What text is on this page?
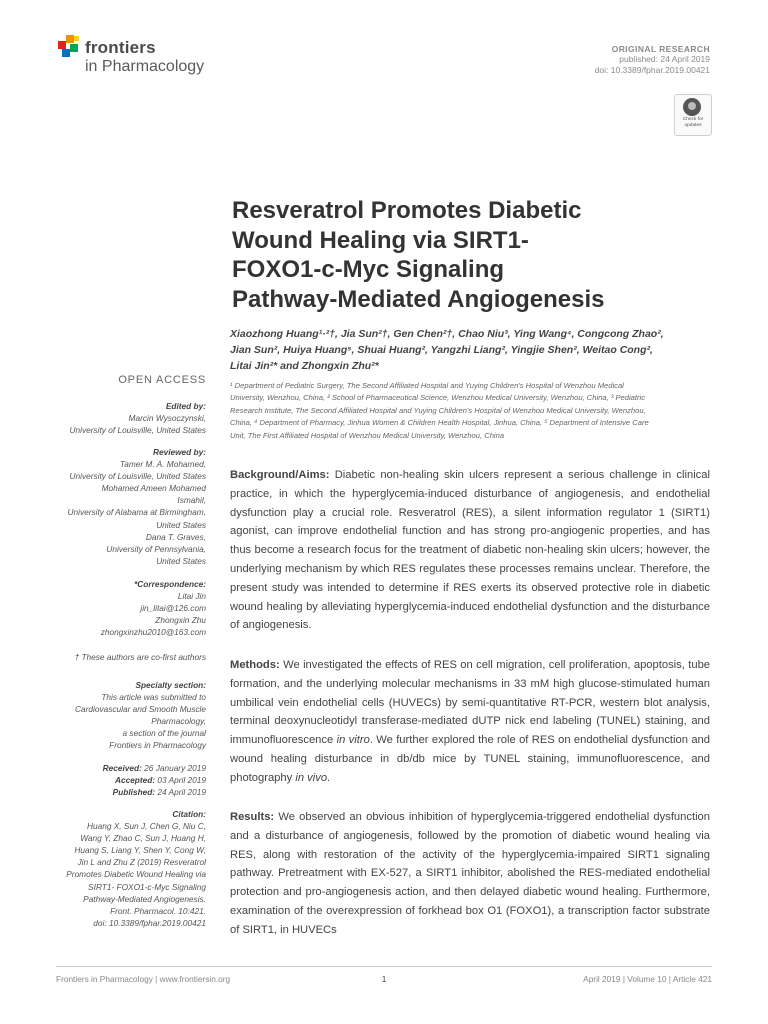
frontiers
in Pharmacology
ORIGINAL RESEARCH
published: 24 April 2019
doi: 10.3389/fphar.2019.00421
Check for
updates
Resveratrol Promotes Diabetic
Wound Healing via SIRT1-
FOXO1-c-Myc Signaling
Pathway-Mediated Angiogenesis
Xiaozhong Huang¹·²†, Jia Sun²†, Gen Chen²†, Chao Niu³, Ying Wang⁴, Congcong Zhao²,
Jian Sun², Huiya Huang⁵, Shuai Huang², Yangzhi Liang², Yingjie Shen², Weitao Cong²,
Litai Jin²* and Zhongxin Zhu²*
¹ Department of Pediatric Surgery, The Second Affiliated Hospital and Yuying Children's Hospital of Wenzhou Medical
University, Wenzhou, China, ² School of Pharmaceutical Science, Wenzhou Medical University, Wenzhou, China, ³ Pediatric
Research Institute, The Second Affiliated Hospital and Yuying Children's Hospital of Wenzhou Medical University, Wenzhou,
China, ⁴ Department of Pharmacy, Jinhua Women & Children Health Hospital, Jinhua, China, ⁵ Department of Intensive Care
Unit, The First Affiliated Hospital of Wenzhou Medical University, Wenzhou, China
OPEN ACCESS
Edited by:
Marcin Wysoczynski,
University of Louisville, United States
Reviewed by:
Tamer M. A. Mohamed,
University of Louisville, United States
Mohamed Ameen Mohamed
Ismahil,
University of Alabama at Birmingham,
United States
Dana T. Graves,
University of Pennsylvania,
United States
*Correspondence:
Litai Jin
jin_litai@126.com
Zhongxin Zhu
zhongxinzhu2010@163.com
† These authors are co-first authors
Specialty section:
This article was submitted to
Cardiovascular and Smooth Muscle
Pharmacology,
a section of the journal
Frontiers in Pharmacology
Received: 26 January 2019
Accepted: 03 April 2019
Published: 24 April 2019
Citation:
Huang X, Sun J, Chen G, Niu C,
Wang Y, Zhao C, Sun J, Huang H,
Huang S, Liang Y, Shen Y, Cong W,
Jin L and Zhu Z (2019) Resveratrol
Promotes Diabetic Wound Healing via
SIRT1- FOXO1-c-Myc Signaling
Pathway-Mediated Angiogenesis.
Front. Pharmacol. 10:421.
doi: 10.3389/fphar.2019.00421
Background/Aims: Diabetic non-healing skin ulcers represent a serious challenge in clinical practice, in which the hyperglycemia-induced disturbance of angiogenesis, and endothelial dysfunction play a crucial role. Resveratrol (RES), a silent information regulator 1 (SIRT1) agonist, can improve endothelial function and has strong pro-angiogenic properties, and has thus become a research focus for the treatment of diabetic non-healing skin ulcers; however, the underlying mechanism by which RES regulates these processes remains unclear. Therefore, the present study was intended to determine if RES exerts its observed protective role in diabetic wound healing by alleviating hyperglycemia-induced endothelial dysfunction and the disturbance of angiogenesis.
Methods: We investigated the effects of RES on cell migration, cell proliferation, apoptosis, tube formation, and the underlying molecular mechanisms in 33 mM high glucose-stimulated human umbilical vein endothelial cells (HUVECs) by semi-quantitative RT-PCR, western blot analysis, terminal deoxynucleotidyl transferase-mediated dUTP nick end labeling (TUNEL) staining, and immunofluorescence in vitro. We further explored the role of RES on endothelial dysfunction and wound healing disturbance in db/db mice by TUNEL staining, immunofluorescence, and photography in vivo.
Results: We observed an obvious inhibition of hyperglycemia-triggered endothelial dysfunction and a disturbance of angiogenesis, followed by the promotion of diabetic wound healing via RES, along with restoration of the activity of the hyperglycemia-impaired SIRT1 signaling pathway. Pretreatment with EX-527, a SIRT1 inhibitor, abolished the RES-mediated endothelial protection and pro-angiogenesis action, and then delayed diabetic wound healing. Furthermore, examination of the overexpression of forkhead box O1 (FOXO1), a transcription factor substrate of SIRT1, in HUVECs
Frontiers in Pharmacology | www.frontiersin.org	1	April 2019 | Volume 10 | Article 421
